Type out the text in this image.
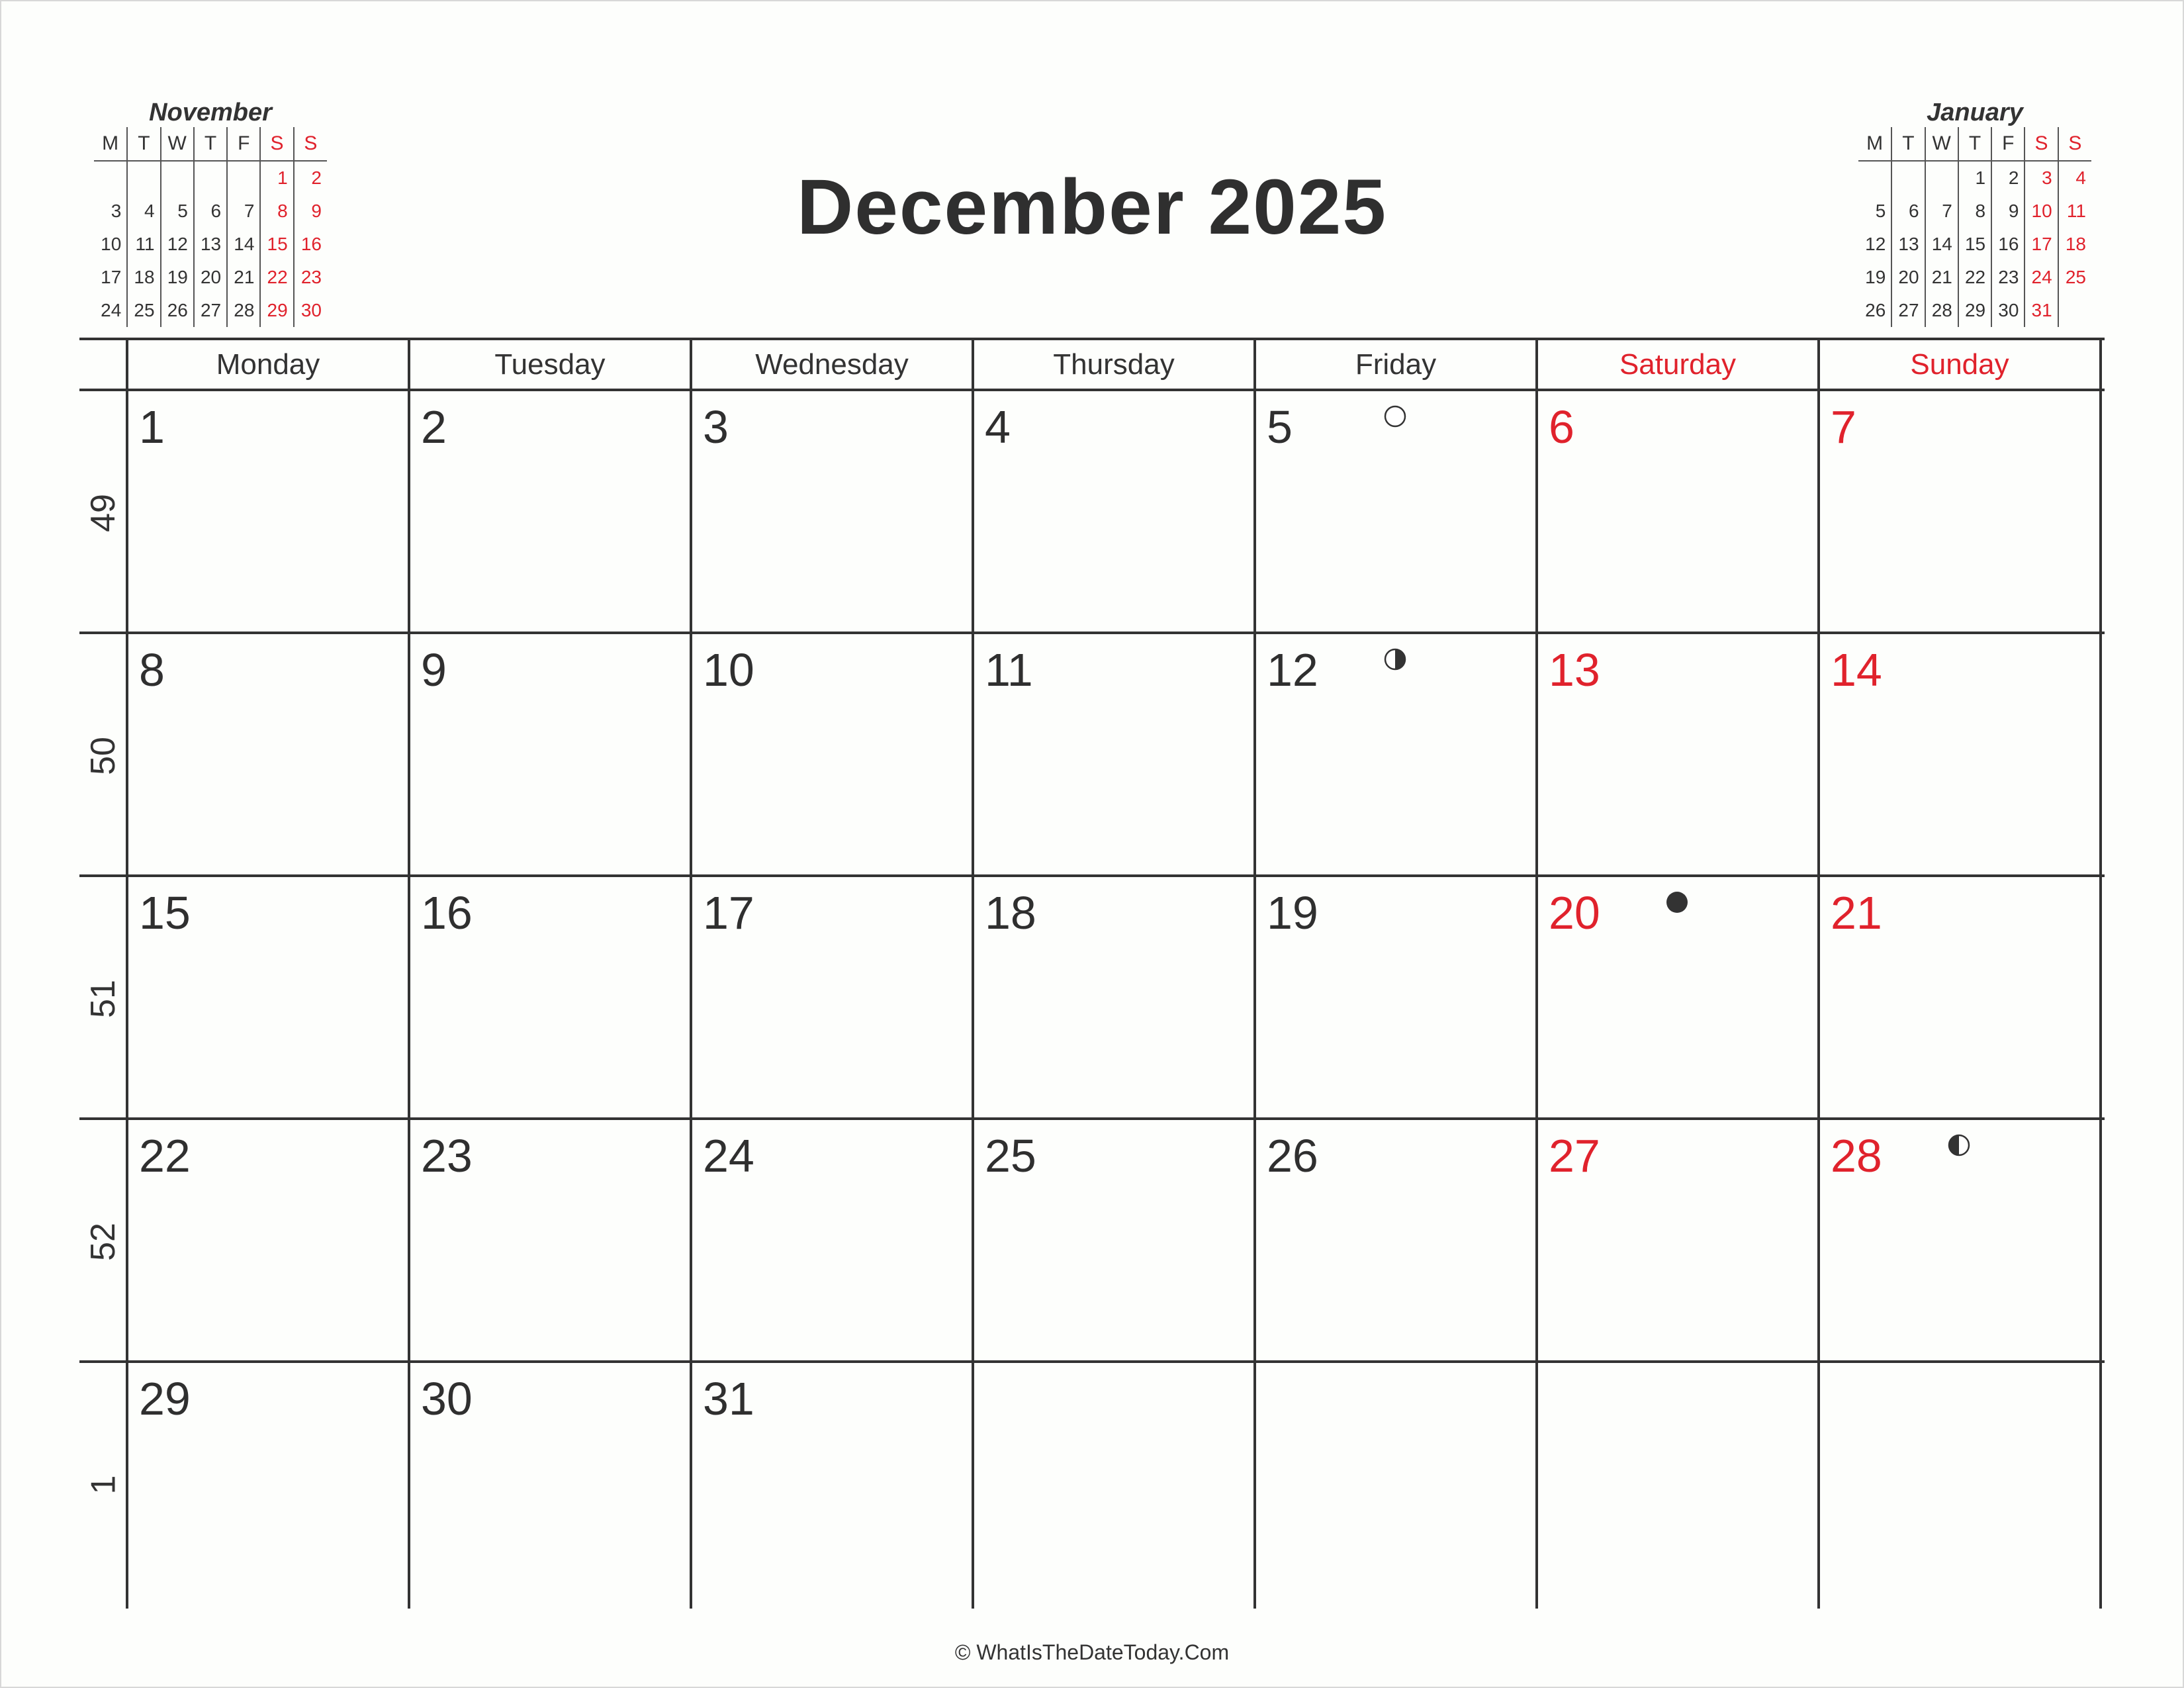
December 2025
November
M	T	W	T	F	S	S
					1	2
3	4	5	6	7	8	9
10	11	12	13	14	15	16
17	18	19	20	21	22	23
24	25	26	27	28	29	30
January
M	T	W	T	F	S	S
			1	2	3	4
5	6	7	8	9	10	11
12	13	14	15	16	17	18
19	20	21	22	23	24	25
26	27	28	29	30	31	
Monday	Tuesday	Wednesday	Thursday	Friday	Saturday	Sunday
49
1	2	3	4	5	6	7
50
8	9	10	11	12	13	14
51
15	16	17	18	19	20	21
52
22	23	24	25	26	27	28
1
29	30	31
© WhatIsTheDateToday.Com
